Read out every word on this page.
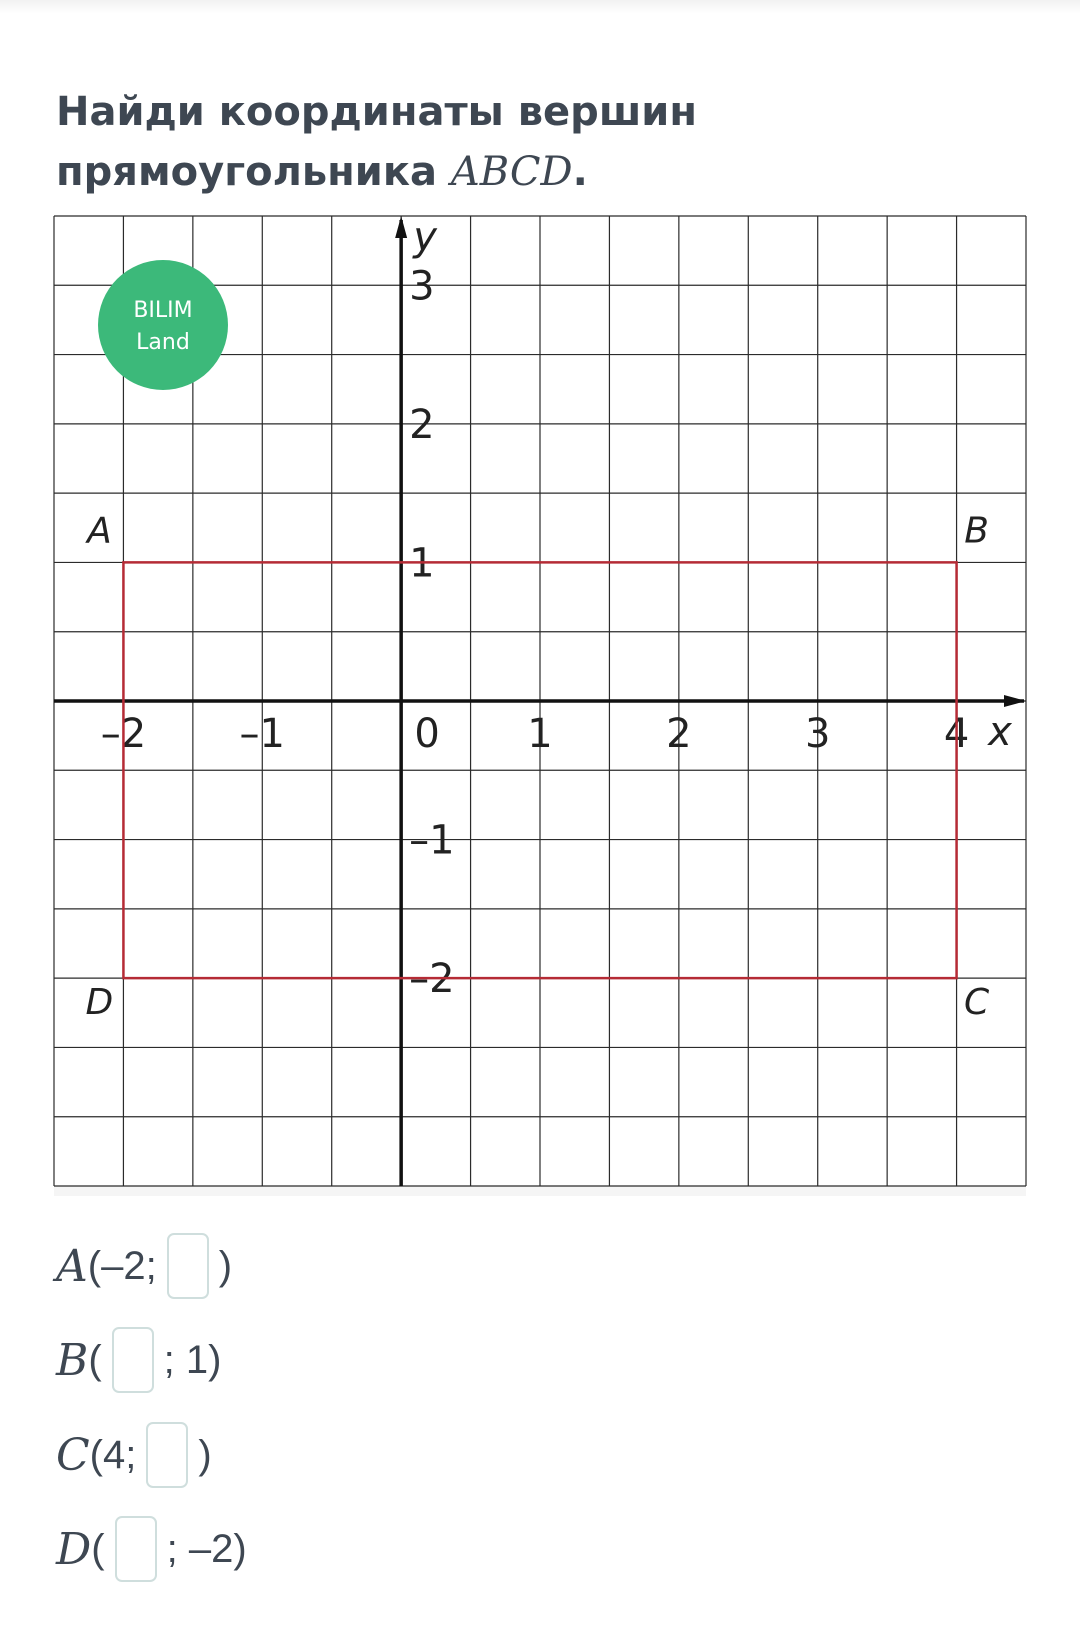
Найди координаты вершин прямоугольника ABCD.
x
y
–2 –1	0 1	2	3	4
3
2
1
–1
–2
A	B
C
D
BILIM
Land
A (–2; )
B ( ; 1)
C (4; )
D ( ; –2)
